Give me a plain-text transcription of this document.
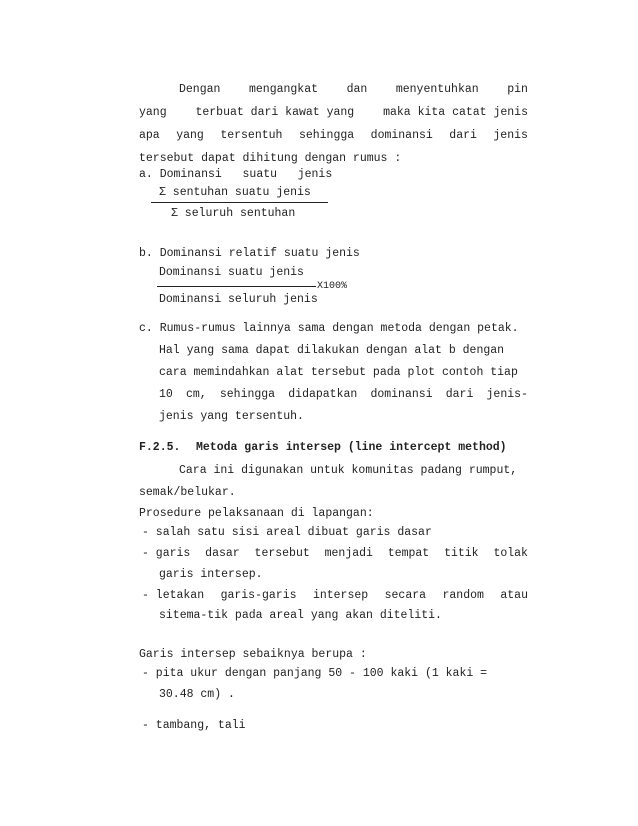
Dengan mengangkat dan menyentuhkan pin
yang	terbuat dari kawat yang	maka kita catat jenis
apa yang tersentuh sehingga dominansi dari jenis
tersebut dapat dihitung dengan rumus :
a. Dominansi   suatu   jenis
Σ sentuhan suatu jenis
Σ seluruh sentuhan
b. Dominansi relatif suatu jenis
Dominansi suatu jenis
X100%
Dominansi seluruh jenis
c. Rumus-rumus lainnya sama dengan metoda dengan petak.
Hal yang sama dapat dilakukan dengan alat b dengan
cara memindahkan alat tersebut pada plot contoh tiap
10 cm, sehingga didapatkan dominansi dari jenis-
jenis yang tersentuh.
F.2.5. Metoda garis intersep (line intercept method)
Cara ini digunakan untuk komunitas padang rumput,
semak/belukar.
Prosedure pelaksanaan di lapangan:
- salah satu sisi areal dibuat garis dasar
- garis dasar tersebut menjadi tempat titik tolak
garis intersep.
- letakan garis-garis intersep secara random atau
sitema-tik pada areal yang akan diteliti.
Garis intersep sebaiknya berupa :
- pita ukur dengan panjang 50 - 100 kaki (1 kaki =
30.48 cm) .
- tambang, tali
